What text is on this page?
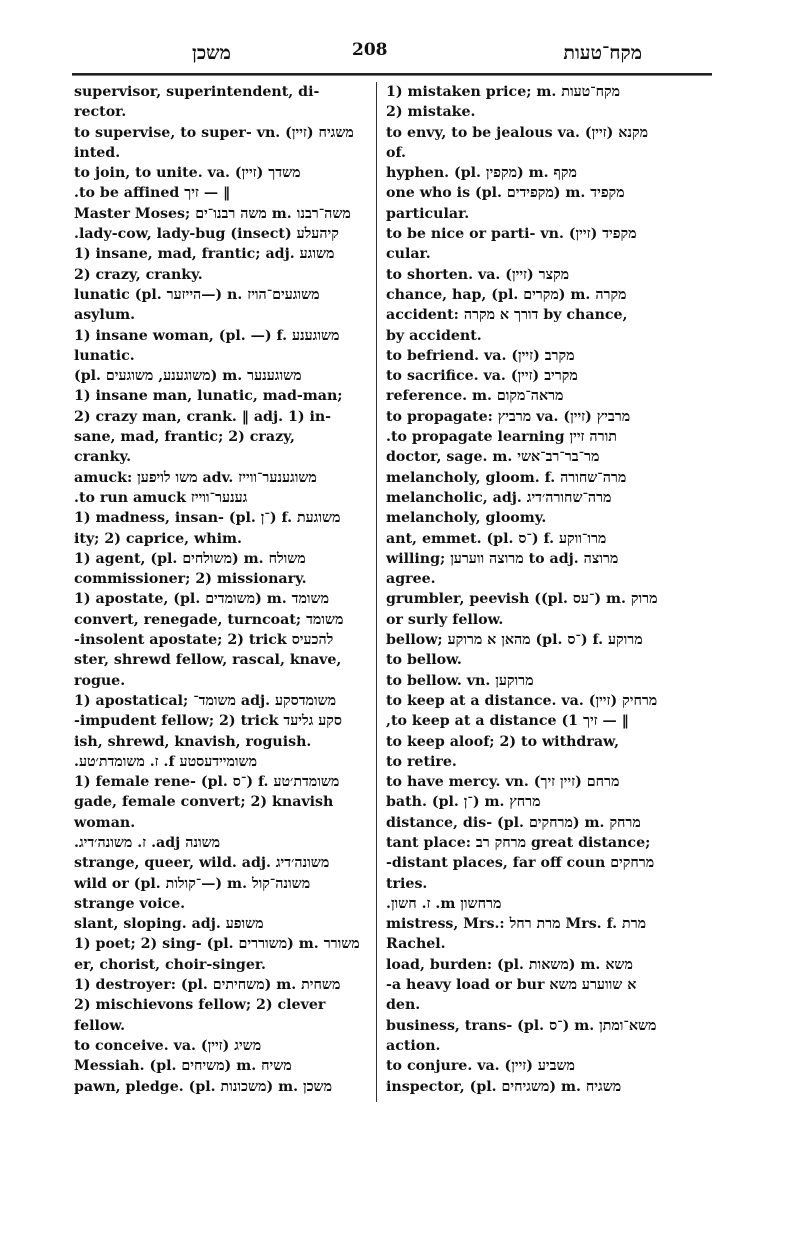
משכן	208	מקח־טעות
supervisor, superintendent, di-
rector.
to supervise, to super- vn. (זיין) משגיח
inted.
to join, to unite. va. (זיין) משדך
‖ — זיך to be affined.
Master Moses; משה רבנו־ים m. משה־רבנו
קיהעלע lady-cow, lady-bug (insect).
1) insane, mad, frantic; adj. משוגע
2) crazy, cranky.
lunatic (pl. הייזער—) n. משוגעים־הויז
asylum.
1) insane woman, (pl. —) f. משוגענע
lunatic.
(pl. משוגענע, משוגעים) m. משוגענער
1) insane man, lunatic, mad-man;
2) crazy man, crank. ‖ adj. 1) in-
sane, mad, frantic; 2) crazy,
cranky.
amuck: משו לויפען adv. משוגענער־ווייז
גענער־ווייז to run amuck.
1) madness, insan- (pl. ־ן) f. משוגעת
ity; 2) caprice, whim.
1) agent, (pl. משולחים) m. משולח
commissioner; 2) missionary.
1) apostate, (pl. משומדים) m. משומד
convert, renegade, turncoat; משומד
להכעיס insolent apostate; 2) trick-
ster, shrewd fellow, rascal, knave,
rogue.
1) apostatical; משומד־ adj. משומדסקע
סקע גליעד impudent fellow; 2) trick-
ish, shrewd, knavish, roguish.
משומיידעסטע f. ז. משומדת׳טע.
1) female rene- (pl. ־ס) f. משומדת׳טע
gade, female convert; 2) knavish
woman.
משונה adj. ז. משונה׳דיג.
strange, queer, wild. adj. משונה׳דיג
wild or (pl. ־קולות—) m. משונה־קול
strange voice.
slant, sloping. adj. משופע
1) poet; 2) sing- (pl. משוררים) m. משורר
er, chorist, choir-singer.
1) destroyer: (pl. משחיתים) m. משחית
2) mischievons fellow; 2) clever
fellow.
to conceive. va. (זיין) משיג
Messiah. (pl. משיחים) m. משיח
pawn, pledge. (pl. משכונות) m. משכן
1) mistaken price; m. מקח־טעות
2) mistake.
to envy, to be jealous va. (זיין) מקנא
of.
hyphen. (pl. מקפין) m. מקף
one who is (pl. מקפידים) m. מקפיד
particular.
to be nice or parti- vn. (זיין) מקפיד
cular.
to shorten. va. (זיין) מקצר
chance, hap, (pl. מקרים) m. מקרה
accident: דורך א מקרה by chance,
by accident.
to befriend. va. (זיין) מקרב
to sacrifice. va. (זיין) מקריב
reference. m. מראה־מקום
to propagate: מרביץ va. (זיין) מרביץ
תורה זיין to propagate learning.
doctor, sage. m. מר־בר־רב־אשי
melancholy, gloom. f. מרה־שחורה
melancholic, adj. מרה־שחורה׳דיג
melancholy, gloomy.
ant, emmet. (pl. ־ס) f. מרו־ווקע
willing; מרוצה ווערען to adj. מרוצה
agree.
grumbler, peevish ((pl. ־עס) m. מרוק
or surly fellow.
bellow; מהאן א מרוקע (pl. ־ס) f. מרוקע
to bellow.
to bellow. vn. מרוקען
to keep at a distance. va. (זיין) מרחיק
‖ — זיך 1) to keep at a distance,
to keep aloof; 2) to withdraw,
to retire.
to have mercy. vn. (זיין זיך) מרחם
bath. (pl. ־ן) m. מרחץ
distance, dis- (pl. מרחקים) m. מרחק
tant place: מרחק רב great distance;
מרחקים distant places, far off coun-
tries.
מרחשון m. ז. חשון.
mistress, Mrs.: מרת רחל Mrs. f. מרת
Rachel.
load, burden: (pl. משאות) m. משא
א שווערע משא a heavy load or bur-
den.
business, trans- (pl. ־ס) m. משא־ומתן
action.
to conjure. va. (זיין) משביע
inspector, (pl. משגיחים) m. משגיח
